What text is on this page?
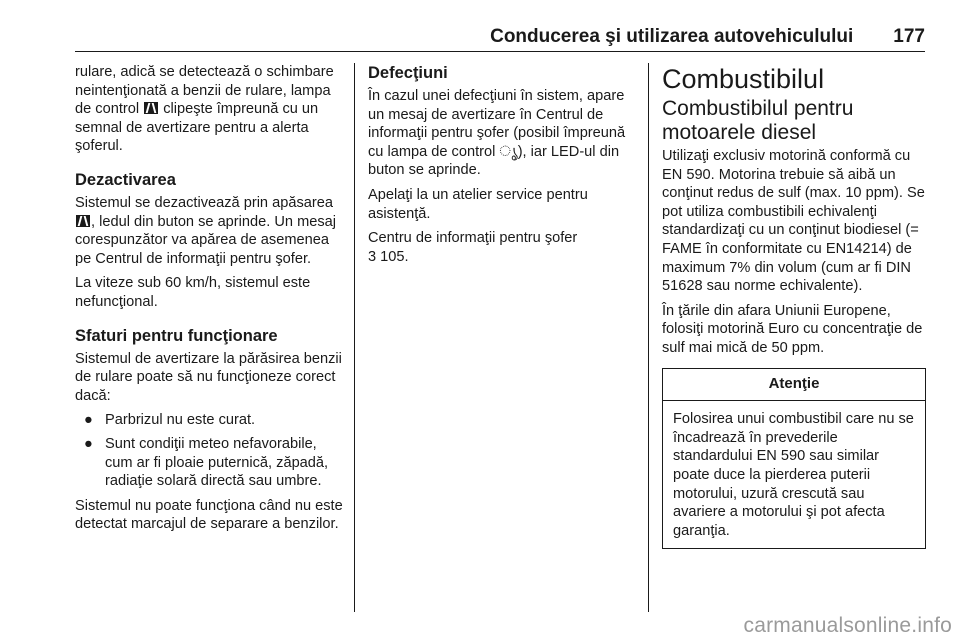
Conducerea şi utilizarea autovehiculului 177

rulare, adică se detectează o schimbare neintenţionată a benzii de rulare, lampa de control  clipeşte împreună cu un semnal de avertizare pentru a alerta şoferul.

Dezactivarea

Sistemul se dezactivează prin apăsarea , ledul din buton se aprinde. Un mesaj corespunzător va apărea de asemenea pe Centrul de informaţii pentru şofer.

La viteze sub 60 km/h, sistemul este nefuncţional.

Sfaturi pentru funcţionare

Sistemul de avertizare la părăsirea benzii de rulare poate să nu funcţioneze corect dacă:

● Parbrizul nu este curat.
● Sunt condiţii meteo nefavorabile, cum ar fi ploaie puternică, zăpadă, radiaţie solară directă sau umbre.

Sistemul nu poate funcţiona când nu este detectat marcajul de separare a benzilor.

Defecţiuni

În cazul unei defecţiuni în sistem, apare un mesaj de avertizare în Centrul de informaţii pentru şofer (posibil împreună cu lampa de control ൃ), iar LED-ul din buton se aprinde.

Apelaţi la un atelier service pentru asistenţă.

Centru de informaţii pentru şofer
3 105.

Combustibilul
Combustibilul pentru motoarele diesel

Utilizaţi exclusiv motorină conformă cu EN 590. Motorina trebuie să aibă un conţinut redus de sulf (max. 10 ppm). Se pot utiliza combustibili echivalenţi standardizaţi cu un conţinut biodiesel (= FAME în conformitate cu EN14214) de maximum 7% din volum (cum ar fi DIN 51628 sau norme echivalente).

În ţările din afara Uniunii Europene, folosiţi motorină Euro cu concentraţie de sulf mai mică de 50 ppm.

Atenţie
Folosirea unui combustibil care nu se încadrează în prevederile standardului EN 590 sau similar poate duce la pierderea puterii motorului, uzură crescută sau avariere a motorului şi pot afecta garanţia.
carmanualsonline.info
